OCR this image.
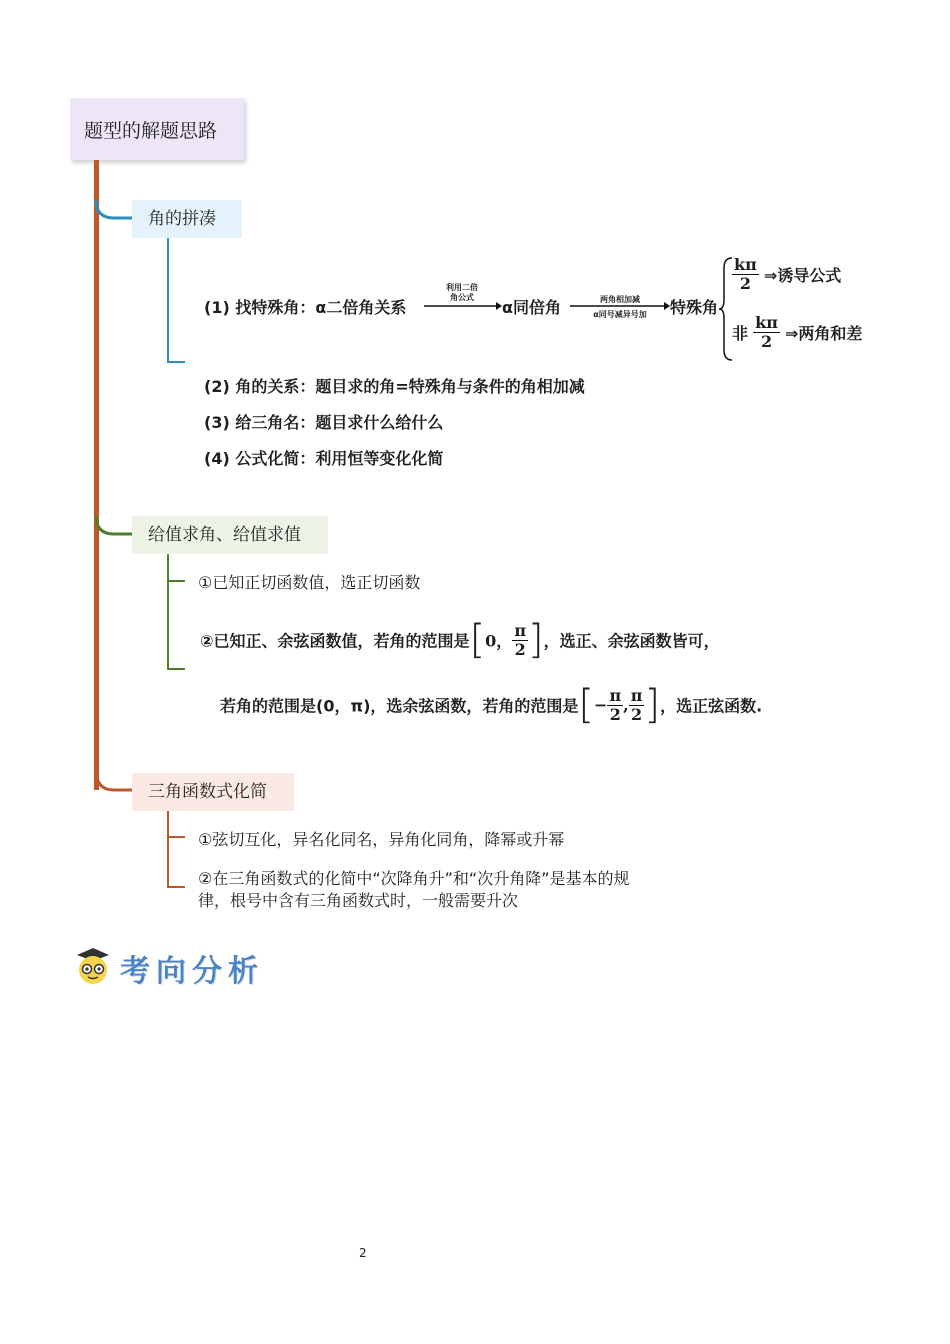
题型的解题思路
角的拼凑
(1) 找特殊角：α二倍角关系
利用二倍
角公式
α同倍角	两角相加减
α同号减异号加	特殊角
$\frac{k\pi}{2}$ ⇒诱导公式
非 $\frac{k\pi}{2}$ ⇒两角和差
(2) 角的关系：题目求的角=特殊角与条件的角相加减
(3) 给三角名：题目求什么给什么
(4) 公式化简：利用恒等变化化简
给值求角、给值求值
①已知正切函数值，选正切函数
②已知正、余弦函数值，若角的范围是[0， $\frac{\pi}{2}$ ]，选正、余弦函数皆可，
若角的范围是(0，π)，选余弦函数，若角的范围是[− $\frac{\pi}{2}$ , $\frac{\pi}{2}$ ]，选正弦函数.
三角函数式化简
①弦切互化，异名化同名，异角化同角，降幂或升幂
②在三角函数式的化简中“次降角升”和“次升角降”是基本的规
律，根号中含有三角函数式时，一般需要升次
考向分析
2
